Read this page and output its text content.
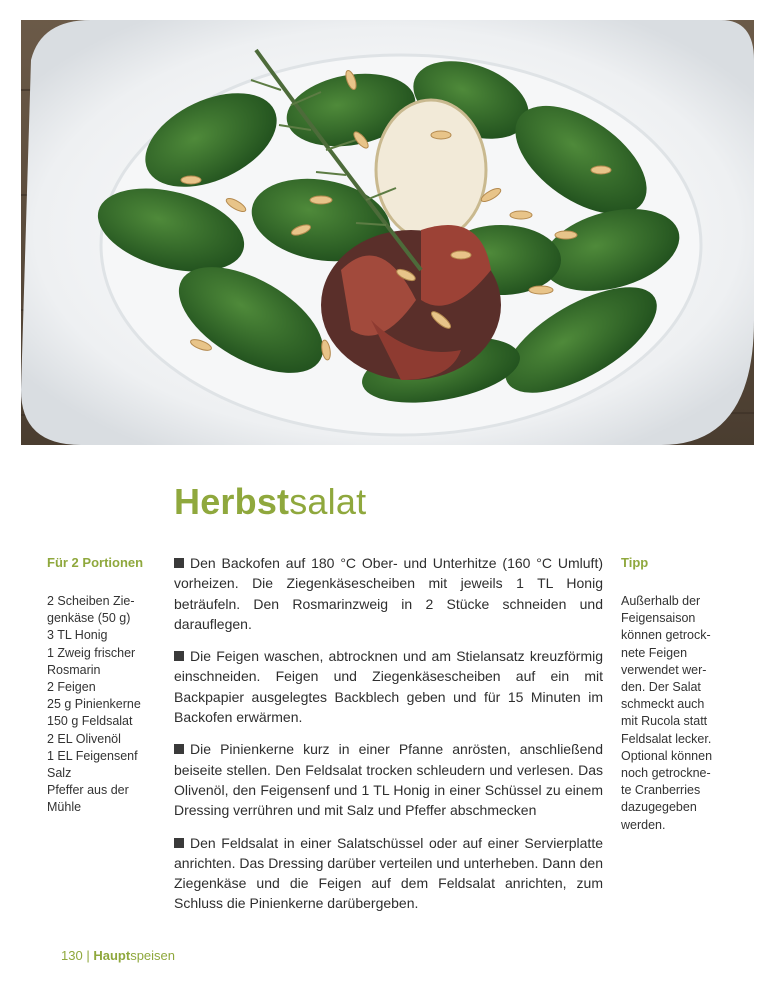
Herbstsalat
Für 2 Portionen
2 Scheiben Zie-
genkäse (50 g)
3 TL Honig
1 Zweig frischer
Rosmarin
2 Feigen
25 g Pinienkerne
150 g Feldsalat
2 EL Olivenöl
1 EL Feigensenf
Salz
Pfeffer aus der
Mühle

Den Backofen auf 180 °C Ober- und Unterhitze (160 °C Umluft) vorheizen. Die Ziegenkäsescheiben mit jeweils 1 TL Honig beträufeln. Den Rosmarinzweig in 2 Stücke schneiden und darauflegen.

Die Feigen waschen, abtrocknen und am Stielansatz kreuzförmig einschneiden. Feigen und Ziegenkäsescheiben auf ein mit Backpapier ausgelegtes Backblech geben und für 15 Minuten im Backofen erwärmen.

Die Pinienkerne kurz in einer Pfanne anrösten, anschließend beiseite stellen. Den Feldsalat trocken schleudern und verlesen. Das Olivenöl, den Feigensenf und 1 TL Honig in einer Schüssel zu einem Dressing verrühren und mit Salz und Pfeffer abschmecken

Den Feldsalat in einer Salatschüssel oder auf einer Servierplatte anrichten. Das Dressing darüber verteilen und unterheben. Dann den Ziegenkäse und die Feigen auf dem Feldsalat anrichten, zum Schluss die Pinienkerne darübergeben.

Tipp
Außerhalb der
Feigensaison
können getrock-
nete Feigen
verwendet wer-
den. Der Salat
schmeckt auch
mit Rucola statt
Feldsalat lecker.
Optional können
noch getrockne-
te Cranberries
dazugegeben
werden.
130 | Hauptspeisen
